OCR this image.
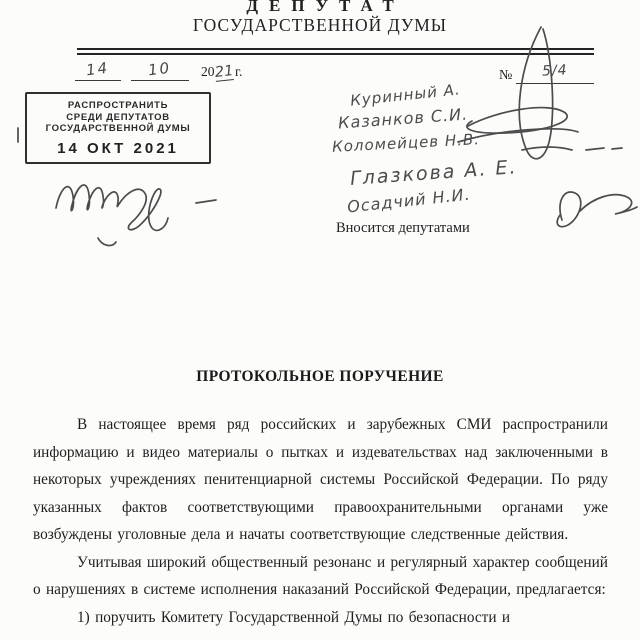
ДЕПУТАТ
ГОСУДАРСТВЕННОЙ ДУМЫ
14 10 2021г.	№ 5/4
РАСПРОСТРАНИТЬ
СРЕДИ ДЕПУТАТОВ
ГОСУДАРСТВЕННОЙ ДУМЫ
14 ОКТ 2021
Куринный А.
Казанков С.И.
Коломейцев Н.В.
Глазкова А. Е.
Осадчий Н.И.
Вносится депутатами
ПРОТОКОЛЬНОЕ ПОРУЧЕНИЕ

В настоящее время ряд российских и зарубежных СМИ распространили информацию и видео материалы о пытках и издевательствах над заключенными в некоторых учреждениях пенитенциарной системы Российской Федерации. По ряду указанных фактов соответствующими правоохранительными органами уже возбуждены уголовные дела и начаты соответствующие следственные действия.

Учитывая широкий общественный резонанс и регулярный характер сообщений о нарушениях в системе исполнения наказаний Российской Федерации, предлагается:

1) поручить Комитету Государственной Думы по безопасности и
